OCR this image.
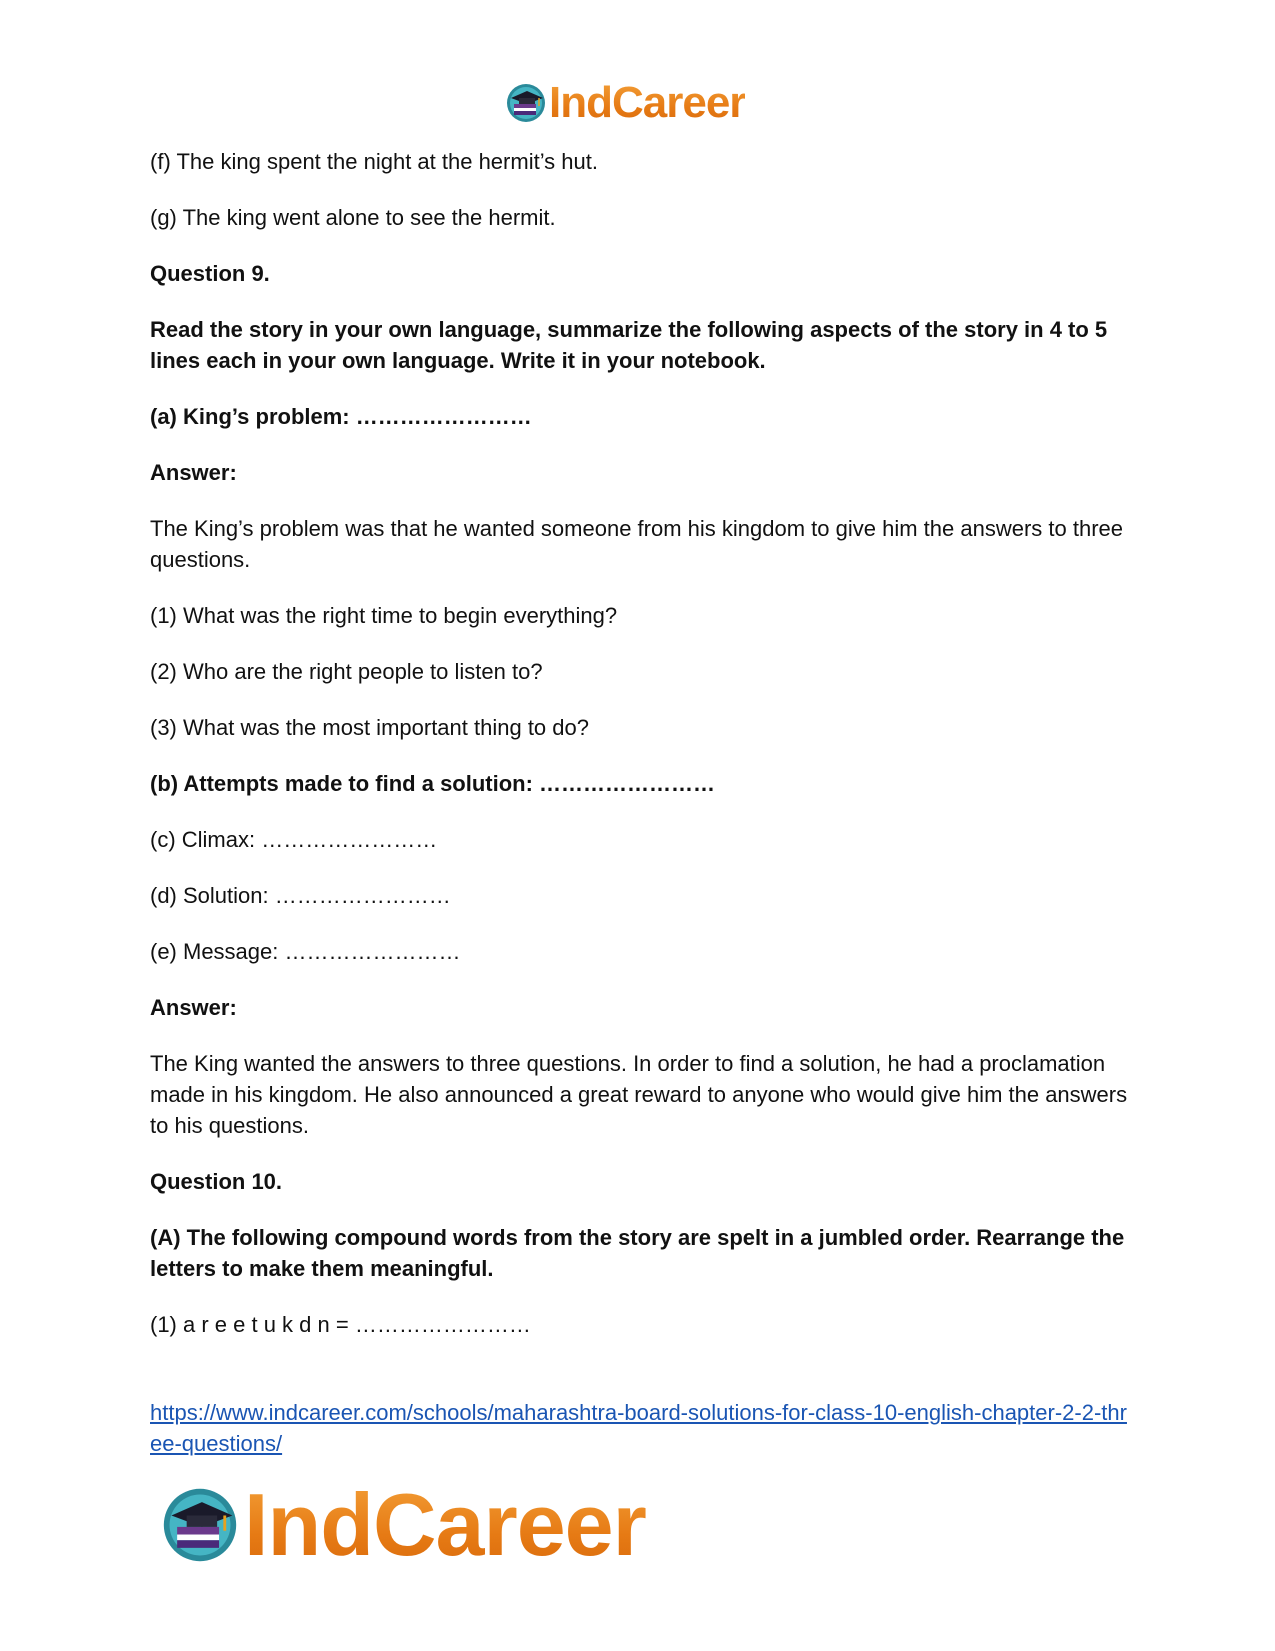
IndCareer

(f) The king spent the night at the hermit’s hut.

(g) The king went alone to see the hermit.

Question 9.

Read the story in your own language, summarize the following aspects of the story in 4 to 5 lines each in your own language. Write it in your notebook.

(a) King’s problem: ……………………

Answer:

The King’s problem was that he wanted someone from his kingdom to give him the answers to three questions.

(1) What was the right time to begin everything?

(2) Who are the right people to listen to?

(3) What was the most important thing to do?

(b) Attempts made to find a solution: ……………………

(c) Climax: ……………………

(d) Solution: ……………………

(e) Message: ……………………

Answer:

The King wanted the answers to three questions. In order to find a solution, he had a proclamation made in his kingdom. He also announced a great reward to anyone who would give him the answers to his questions.

Question 10.

(A) The following compound words from the story are spelt in a jumbled order. Rearrange the letters to make them meaningful.

(1) a r e e t u k d n = ……………………

https://www.indcareer.com/schools/maharashtra-board-solutions-for-class-10-english-chapter-2-2-three-questions/
IndCareer
